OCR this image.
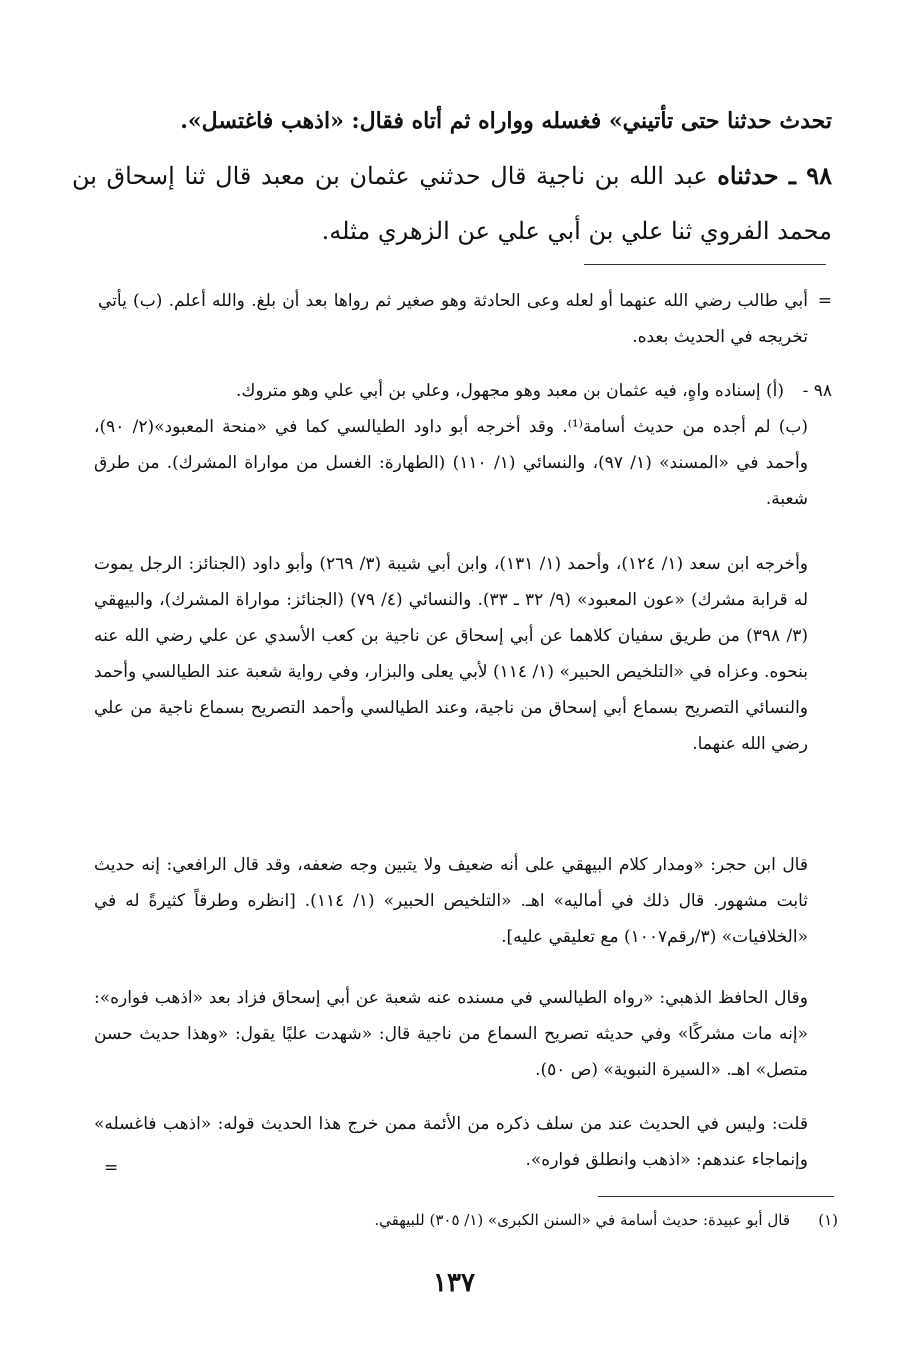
تحدث حدثنا حتى تأتيني» فغسله وواراه ثم أتاه فقال: «اذهب فاغتسل».
٩٨ ـ حدثناه عبد الله بن ناجية قال حدثني عثمان بن معبد قال ثنا إسحاق بن محمد الفروي ثنا علي بن أبي علي عن الزهري مثله.
=
أبي طالب رضي الله عنهما أو لعله وعى الحادثة وهو صغير ثم رواها بعد أن بلغ. والله أعلم. (ب) يأتي تخريجه في الحديث بعده.
٩٨ -
(أ) إسناده واهٍ، فيه عثمان بن معبد وهو مجهول، وعلي بن أبي علي وهو متروك.
(ب) لم أجده من حديث أسامة⁽¹⁾. وقد أخرجه أبو داود الطيالسي كما في «منحة المعبود»(٢/ ٩٠)، وأحمد في «المسند» (١/ ٩٧)، والنسائي (١/ ١١٠) (الطهارة: الغسل من مواراة المشرك). من طرق شعبة.
وأخرجه ابن سعد (١/ ١٢٤)، وأحمد (١/ ١٣١)، وابن أبي شيبة (٣/ ٢٦٩) وأبو داود (الجنائز: الرجل يموت له قرابة مشرك) «عون المعبود» (٩/ ٣٢ ـ ٣٣). والنسائي (٤/ ٧٩) (الجنائز: مواراة المشرك)، والبيهقي (٣/ ٣٩٨) من طريق سفيان كلاهما عن أبي إسحاق عن ناجية بن كعب الأسدي عن علي رضي الله عنه بنحوه. وعزاه في «التلخيص الحبير» (١/ ١١٤) لأبي يعلى والبزار، وفي رواية شعبة عند الطيالسي وأحمد والنسائي التصريح بسماع أبي إسحاق من ناجية، وعند الطيالسي وأحمد التصريح بسماع ناجية من علي رضي الله عنهما.
قال ابن حجر: «ومدار كلام البيهقي على أنه ضعيف ولا يتبين وجه ضعفه، وقد قال الرافعي: إنه حديث ثابت مشهور. قال ذلك في أماليه» اهـ. «التلخيص الحبير» (١/ ١١٤). [انظره وطرقاً كثيرةً له في «الخلافيات» (٣/رقم١٠٠٧) مع تعليقي عليه].
وقال الحافظ الذهبي: «رواه الطيالسي في مسنده عنه شعبة عن أبي إسحاق فزاد بعد «اذهب فواره»: «إنه مات مشركًا» وفي حديثه تصريح السماع من ناجية قال: «شهدت عليًا يقول: «وهذا حديث حسن متصل» اهـ. «السيرة النبوية» (ص ٥٠).
قلت: وليس في الحديث عند من سلف ذكره من الأئمة ممن خرج هذا الحديث قوله: «اذهب فاغسله» وإنماجاء عندهم: «اذهب وانطلق فواره».
=
(١)
قال أبو عبيدة: حديث أسامة في «السنن الكبرى» (١/ ٣٠٥) للبيهقي.
١٣٧
